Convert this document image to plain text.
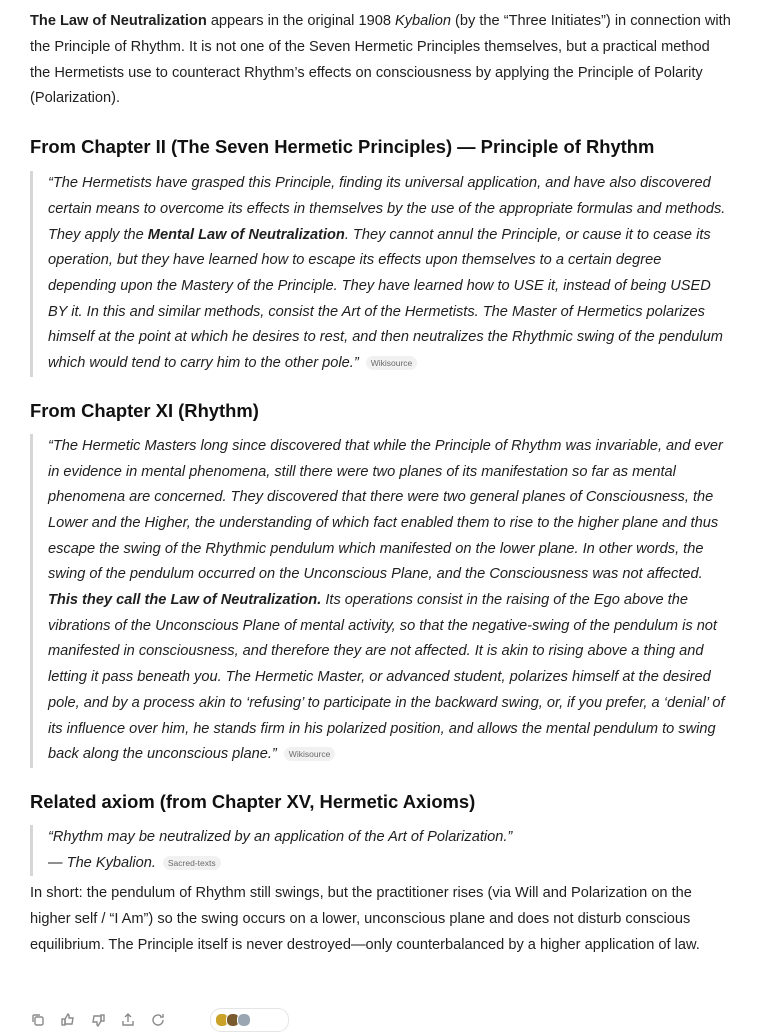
The Law of Neutralization appears in the original 1908 Kybalion (by the “Three Initiates”) in connection with the Principle of Rhythm. It is not one of the Seven Hermetic Principles themselves, but a practical method the Hermetists use to counteract Rhythm’s effects on consciousness by applying the Principle of Polarity (Polarization).

From Chapter II (The Seven Hermetic Principles) — Principle of Rhythm
“The Hermetists have grasped this Principle, finding its universal application, and have also discovered certain means to overcome its effects in themselves by the use of the appropriate formulas and methods. They apply the Mental Law of Neutralization. They cannot annul the Principle, or cause it to cease its operation, but they have learned how to escape its effects upon themselves to a certain degree depending upon the Mastery of the Principle. They have learned how to USE it, instead of being USED BY it. In this and similar methods, consist the Art of the Hermetists. The Master of Hermetics polarizes himself at the point at which he desires to rest, and then neutralizes the Rhythmic swing of the pendulum which would tend to carry him to the other pole.” Wikisource
From Chapter XI (Rhythm)
“The Hermetic Masters long since discovered that while the Principle of Rhythm was invariable, and ever in evidence in mental phenomena, still there were two planes of its manifestation so far as mental phenomena are concerned. They discovered that there were two general planes of Consciousness, the Lower and the Higher, the understanding of which fact enabled them to rise to the higher plane and thus escape the swing of the Rhythmic pendulum which manifested on the lower plane. In other words, the swing of the pendulum occurred on the Unconscious Plane, and the Consciousness was not affected. This they call the Law of Neutralization. Its operations consist in the raising of the Ego above the vibrations of the Unconscious Plane of mental activity, so that the negative-swing of the pendulum is not manifested in consciousness, and therefore they are not affected. It is akin to rising above a thing and letting it pass beneath you. The Hermetic Master, or advanced student, polarizes himself at the desired pole, and by a process akin to ‘refusing’ to participate in the backward swing, or, if you prefer, a ‘denial’ of its influence over him, he stands firm in his polarized position, and allows the mental pendulum to swing back along the unconscious plane.” Wikisource
Related axiom (from Chapter XV, Hermetic Axioms)
“Rhythm may be neutralized by an application of the Art of Polarization.”
— The Kybalion. Sacred-texts

In short: the pendulum of Rhythm still swings, but the practitioner rises (via Will and Polarization on the higher self / “I Am”) so the swing occurs on a lower, unconscious plane and does not disturb conscious equilibrium. The Principle itself is never destroyed—only counterbalanced by a higher application of law.
